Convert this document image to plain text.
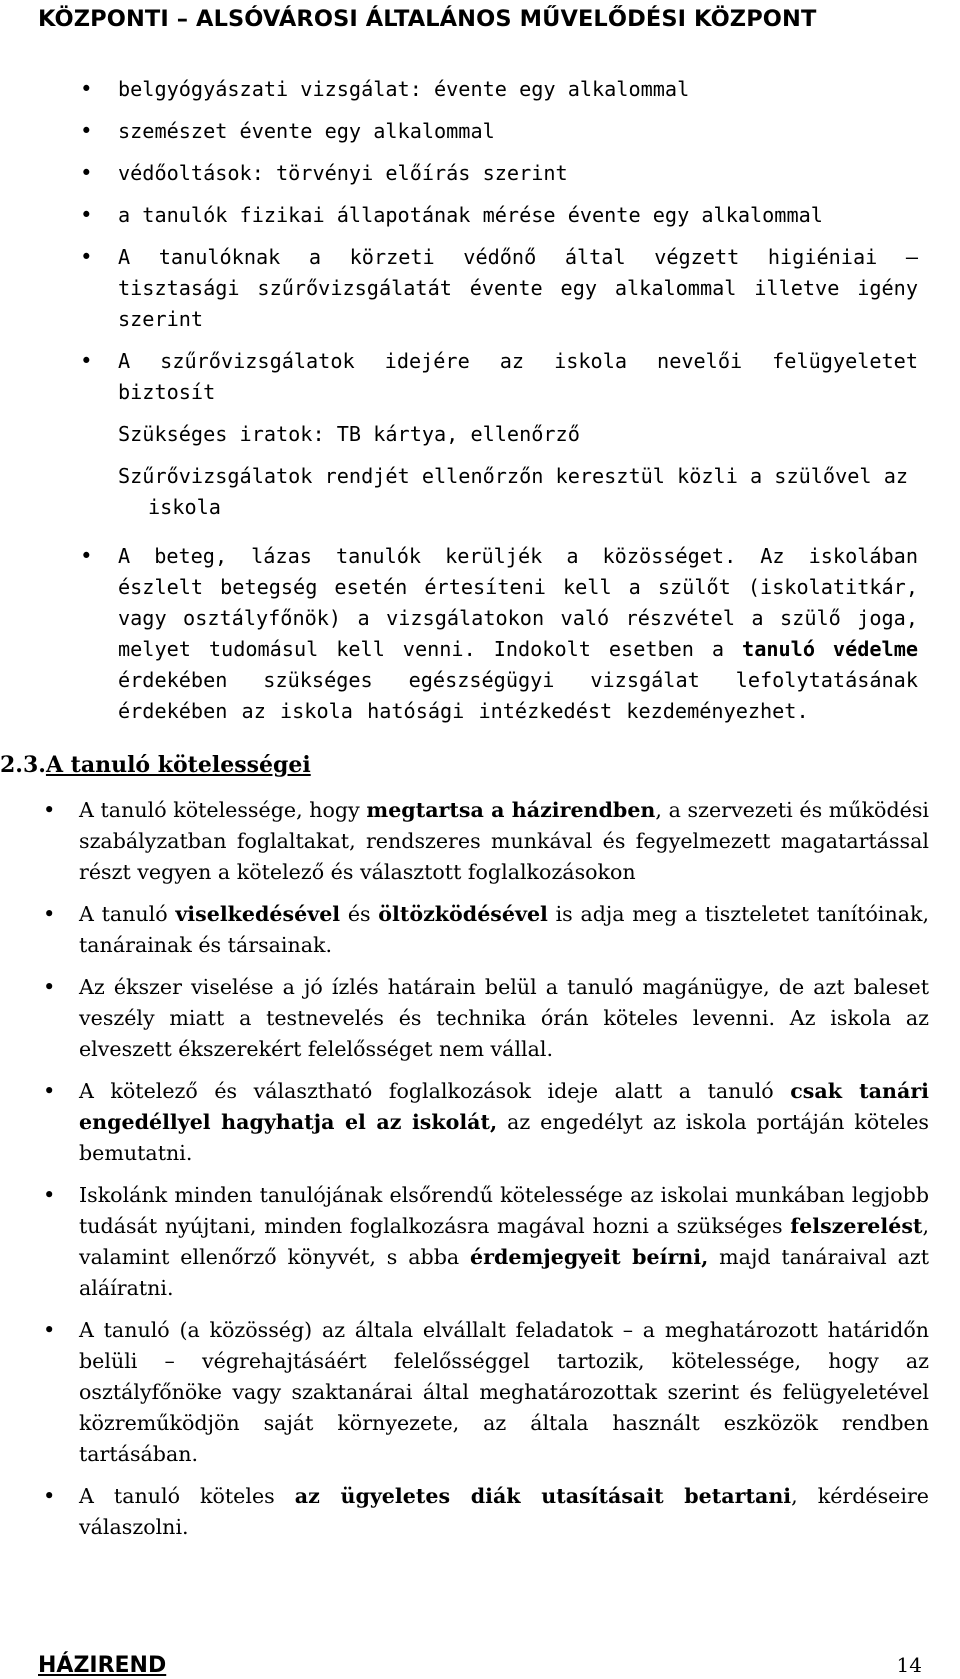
KÖZPONTI – ALSÓVÁROSI ÁLTALÁNOS MŰVELŐDÉSI KÖZPONT
• belgyógyászati vizsgálat: évente egy alkalommal
• szemészet évente egy alkalommal
• védőoltások: törvényi előírás szerint
• a tanulók fizikai állapotának mérése évente egy alkalommal
• A tanulóknak a körzeti védőnő által végzett higiéniai – tisztasági szűrővizsgálatát évente egy alkalommal illetve igény szerint
• A szűrővizsgálatok idejére az iskola nevelői felügyeletet biztosít
Szükséges iratok: TB kártya, ellenőrző
Szűrővizsgálatok rendjét ellenőrzőn keresztül közli a szülővel az
iskola
• A beteg, lázas tanulók kerüljék a közösséget. Az iskolában észlelt betegség esetén értesíteni kell a szülőt (iskolatitkár, vagy osztályfőnök) a vizsgálatokon való részvétel a szülő joga, melyet tudomásul kell venni. Indokolt esetben a tanuló védelme érdekében szükséges egészségügyi vizsgálat lefolytatásának érdekében az iskola hatósági intézkedést kezdeményezhet.
2.3.A tanuló kötelességei
• A tanuló kötelessége, hogy megtartsa a házirendben, a szervezeti és működési szabályzatban foglaltakat, rendszeres munkával és fegyelmezett magatartással részt vegyen a kötelező és választott foglalkozásokon
• A tanuló viselkedésével és öltözködésével is adja meg a tiszteletet tanítóinak, tanárainak és társainak.
• Az ékszer viselése a jó ízlés határain belül a tanuló magánügye, de azt baleset veszély miatt a testnevelés és technika órán köteles levenni. Az iskola az elveszett ékszerekért felelősséget nem vállal.
• A kötelező és választható foglalkozások ideje alatt a tanuló csak tanári engedéllyel hagyhatja el az iskolát, az engedélyt az iskola portáján köteles bemutatni.
• Iskolánk minden tanulójának elsőrendű kötelessége az iskolai munkában legjobb tudását nyújtani, minden foglalkozásra magával hozni a szükséges felszerelést, valamint ellenőrző könyvét, s abba érdemjegyeit beírni, majd tanáraival azt aláíratni.
• A tanuló (a közösség) az általa elvállalt feladatok – a meghatározott határidőn belüli – végrehajtásáért felelősséggel tartozik, kötelessége, hogy az osztályfőnöke vagy szaktanárai által meghatározottak szerint és felügyeletével közreműködjön saját környezete, az általa használt eszközök rendben tartásában.
• A tanuló köteles az ügyeletes diák utasításait betartani, kérdéseire válaszolni.
HÁZIREND	14
